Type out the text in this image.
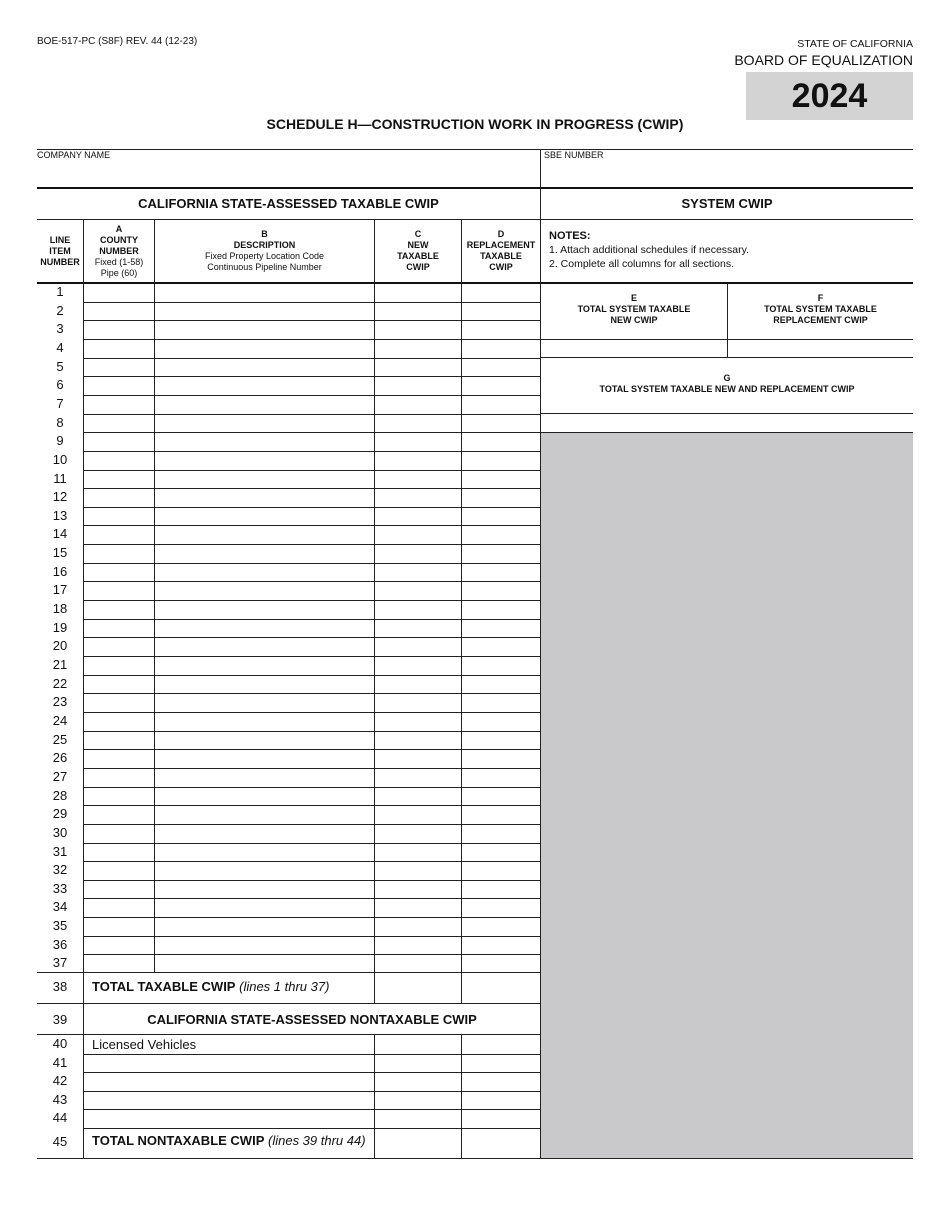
BOE-517-PC (S8F) REV. 44 (12-23)	STATE OF CALIFORNIA
BOARD OF EQUALIZATION
2024
SCHEDULE H—CONSTRUCTION WORK IN PROGRESS (CWIP)
COMPANY NAME	SBE NUMBER
CALIFORNIA STATE-ASSESSED TAXABLE CWIP	SYSTEM CWIP
LINE
ITEM
NUMBER
A
COUNTY
NUMBER
Fixed (1-58)
Pipe (60)
B
DESCRIPTION
Fixed Property Location Code
Continuous Pipeline Number
C
NEW
TAXABLE
CWIP
D
REPLACEMENT
TAXABLE
CWIP
NOTES:
1. Attach additional schedules if necessary.
2. Complete all columns for all sections.
1
2
3
4
5
6
7
8
9
10
11
12
13
14
15
16
17
18
19
20
21
22
23
24
25
26
27
28
29
30
31
32
33
34
35
36
37
38	TOTAL TAXABLE CWIP (lines 1 thru 37)
39	CALIFORNIA STATE-ASSESSED NONTAXABLE CWIP
40	Licensed Vehicles
41
42
43
44
45	TOTAL NONTAXABLE CWIP (lines 39 thru 44)
E
TOTAL SYSTEM TAXABLE
NEW CWIP
F
TOTAL SYSTEM TAXABLE
REPLACEMENT CWIP
G
TOTAL SYSTEM TAXABLE NEW AND REPLACEMENT CWIP
